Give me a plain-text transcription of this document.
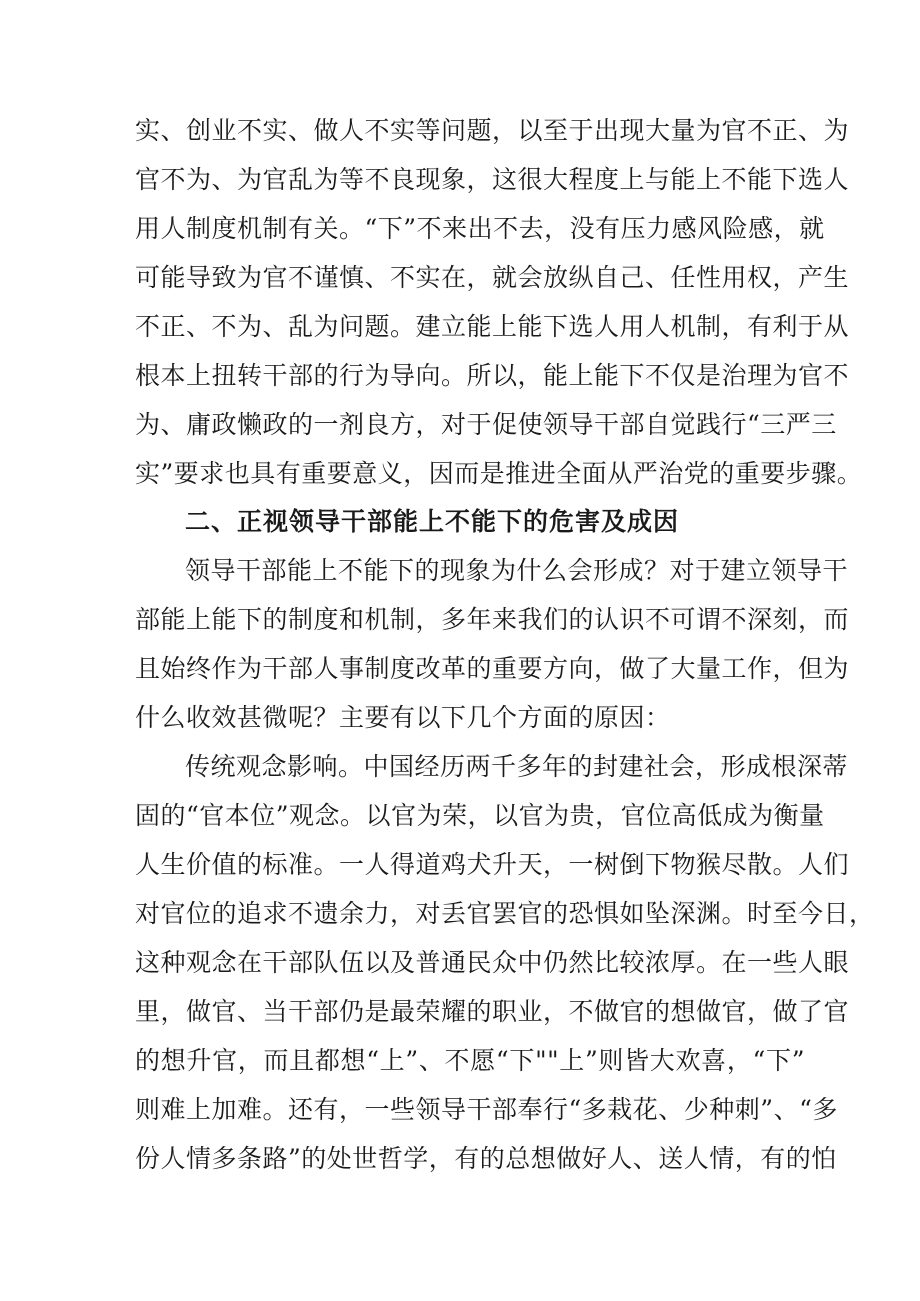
实、创业不实、做人不实等问题，以至于出现大量为官不正、为
官不为、为官乱为等不良现象，这很大程度上与能上不能下选人
用人制度机制有关。“下”不来出不去，没有压力感风险感，就
可能导致为官不谨慎、不实在，就会放纵自己、任性用权，产生
不正、不为、乱为问题。建立能上能下选人用人机制，有利于从
根本上扭转干部的行为导向。所以，能上能下不仅是治理为官不
为、庸政懒政的一剂良方，对于促使领导干部自觉践行“三严三
实”要求也具有重要意义，因而是推进全面从严治党的重要步骤。
二、正视领导干部能上不能下的危害及成因
领导干部能上不能下的现象为什么会形成？对于建立领导干
部能上能下的制度和机制，多年来我们的认识不可谓不深刻，而
且始终作为干部人事制度改革的重要方向，做了大量工作，但为
什么收效甚微呢？主要有以下几个方面的原因：
传统观念影响。中国经历两千多年的封建社会，形成根深蒂
固的“官本位”观念。以官为荣，以官为贵，官位高低成为衡量
人生价值的标准。一人得道鸡犬升天，一树倒下物猴尽散。人们
对官位的追求不遗余力，对丢官罢官的恐惧如坠深渊。时至今日，
这种观念在干部队伍以及普通民众中仍然比较浓厚。在一些人眼
里，做官、当干部仍是最荣耀的职业，不做官的想做官，做了官
的想升官，而且都想“上”、不愿“下""上”则皆大欢喜，“下”
则难上加难。还有，一些领导干部奉行“多栽花、少种刺”、“多
份人情多条路”的处世哲学，有的总想做好人、送人情，有的怕
